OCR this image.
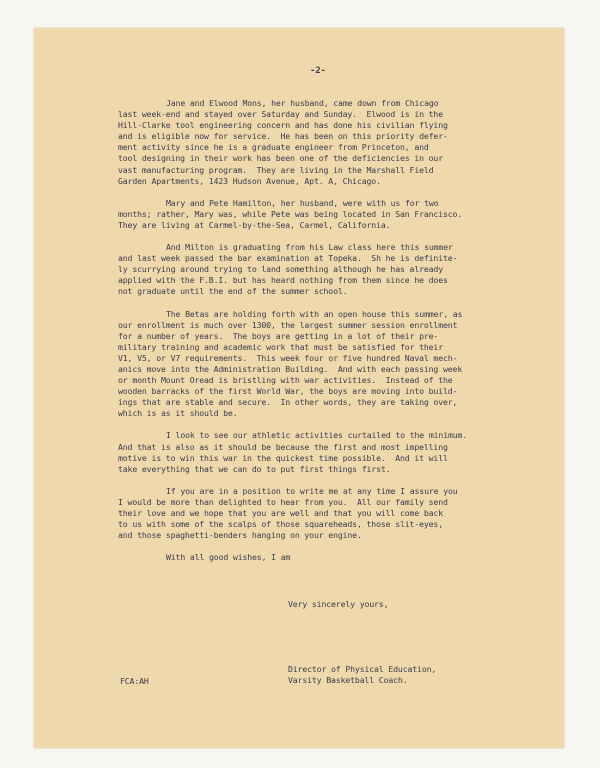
-2-
Jane and Elwood Mons, her husband, came down from Chicago
last week-end and stayed over Saturday and Sunday.  Elwood is in the
Hill-Clarke tool engineering concern and has done his civilian flying
and is eligible now for service.  He has been on this priority defer-
ment activity since he is a graduate engineer from Princeton, and
tool designing in their work has been one of the deficiencies in our
vast manufacturing program.  They are living in the Marshall Field
Garden Apartments, 1423 Hudson Avenue, Apt. A, Chicago.
Mary and Pete Hamilton, her husband, were with us for two
months; rather, Mary was, while Pete was being located in San Francisco.
They are living at Carmel-by-the-Sea, Carmel, California.
And Milton is graduating from his Law class here this summer
and last week passed the bar examination at Topeka.  Sh he is definite-
ly scurrying around trying to land something although he has already
applied with the F.B.I. but has heard nothing from them since he does
not graduate until the end of the summer school.
The Betas are holding forth with an open house this summer, as
our enrollment is much over 1300, the largest summer session enrollment
for a number of years.  The boys are getting in a lot of their pre-
military training and academic work that must be satisfied for their
V1, V5, or V7 requirements.  This week four or five hundred Naval mech-
anics move into the Administration Building.  And with each passing week
or month Mount Oread is bristling with war activities.  Instead of the
wooden barracks of the first World War, the boys are moving into build-
ings that are stable and secure.  In other words, they are taking over,
which is as it should be.
I look to see our athletic activities curtailed to the minimum.
And that is also as it should be because the first and most impelling
motive is to win this war in the quickest time possible.  And it will
take everything that we can do to put first things first.
If you are in a position to write me at any time I assure you
I would be more than delighted to hear from you.  All our family send
their love and we hope that you are well and that you will come back
to us with some of the scalps of those squareheads, those slit-eyes,
and those spaghetti-benders hanging on your engine.
With all good wishes, I am
Very sincerely yours,
Director of Physical Education,
Varsity Basketball Coach.
FCA:AH
